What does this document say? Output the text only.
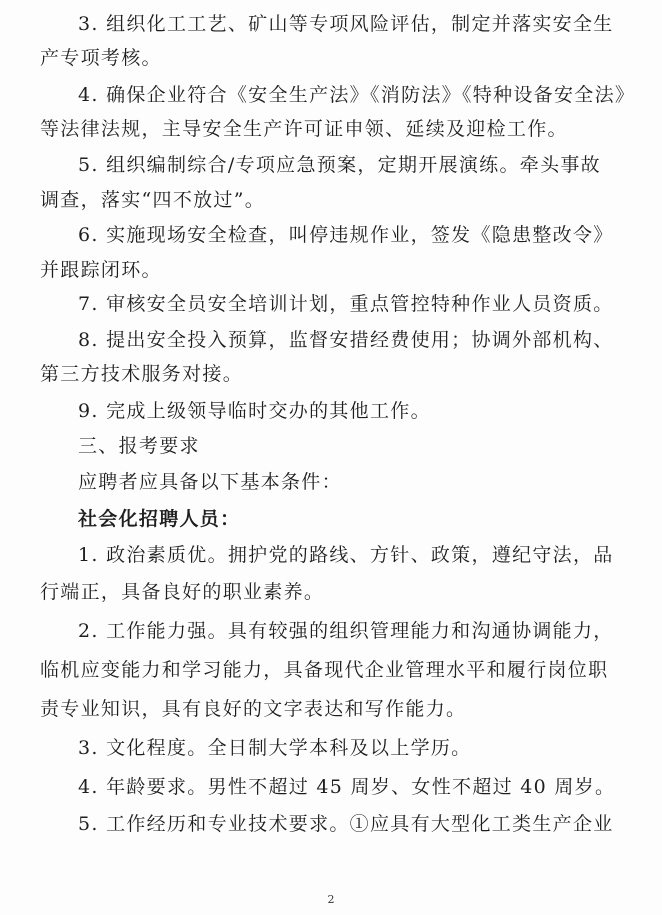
3. 组织化工工艺、矿山等专项风险评估，制定并落实安全生
产专项考核。
4. 确保企业符合《安全生产法》《消防法》《特种设备安全法》
等法律法规，主导安全生产许可证申领、延续及迎检工作。
5. 组织编制综合/专项应急预案，定期开展演练。牵头事故
调查，落实“四不放过”。
6. 实施现场安全检查，叫停违规作业，签发《隐患整改令》
并跟踪闭环。
7. 审核安全员安全培训计划，重点管控特种作业人员资质。
8. 提出安全投入预算，监督安措经费使用；协调外部机构、
第三方技术服务对接。
9. 完成上级领导临时交办的其他工作。
三、报考要求
应聘者应具备以下基本条件：
社会化招聘人员：
1. 政治素质优。拥护党的路线、方针、政策，遵纪守法，品
行端正，具备良好的职业素养。
2. 工作能力强。具有较强的组织管理能力和沟通协调能力，
临机应变能力和学习能力，具备现代企业管理水平和履行岗位职
责专业知识，具有良好的文字表达和写作能力。
3. 文化程度。全日制大学本科及以上学历。
4. 年龄要求。男性不超过 45 周岁、女性不超过 40 周岁。
5. 工作经历和专业技术要求。①应具有大型化工类生产企业
2
